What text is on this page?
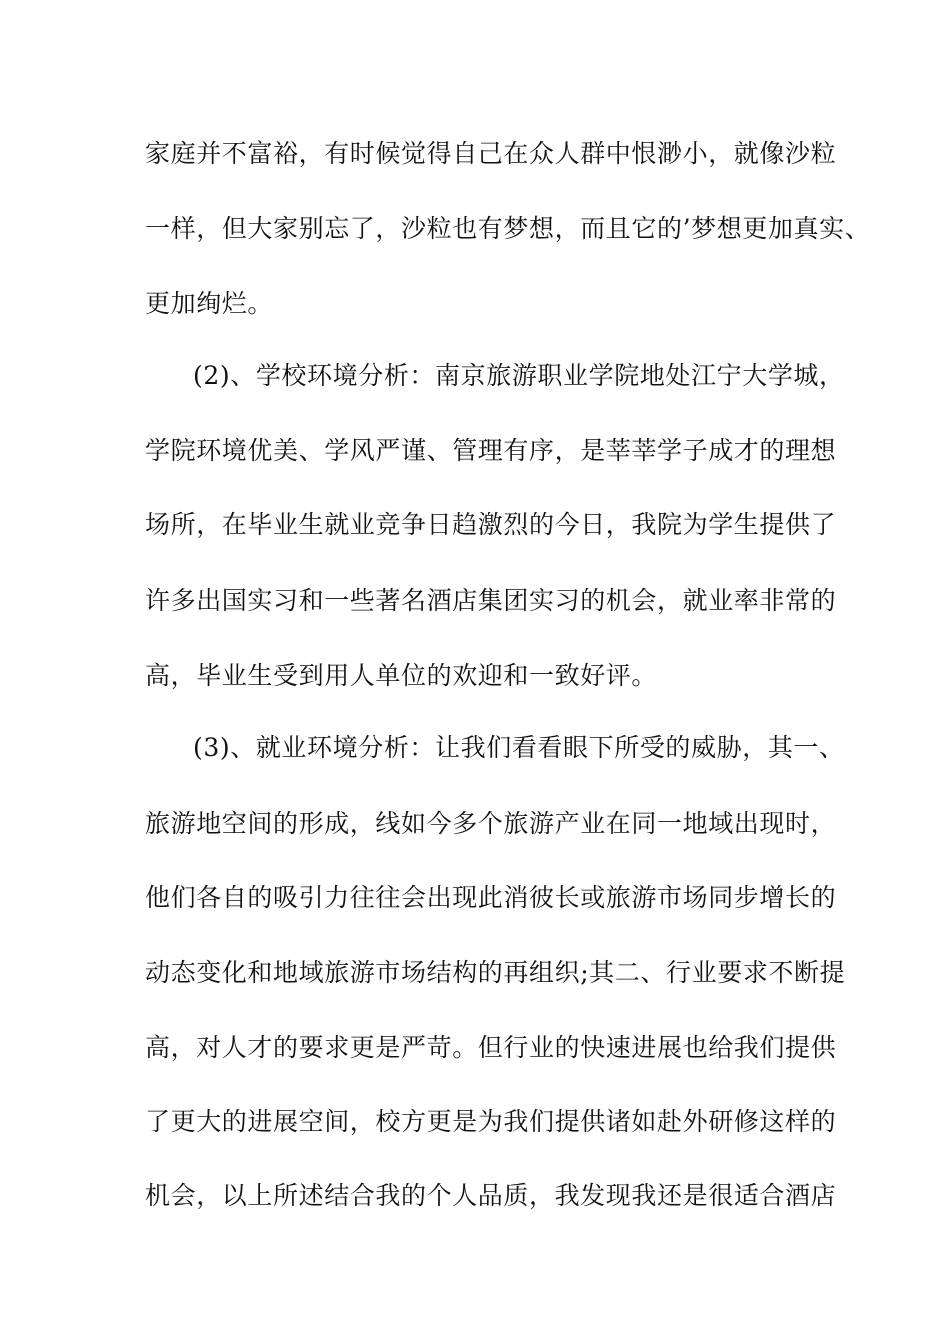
家庭并不富裕，有时候觉得自己在众人群中恨渺小，就像沙粒
一样，但大家别忘了，沙粒也有梦想，而且它的’梦想更加真实、
更加绚烂。
(2)、学校环境分析：南京旅游职业学院地处江宁大学城，
学院环境优美、学风严谨、管理有序，是莘莘学子成才的理想
场所，在毕业生就业竞争日趋激烈的今日，我院为学生提供了
许多出国实习和一些著名酒店集团实习的机会，就业率非常的
高，毕业生受到用人单位的欢迎和一致好评。
(3)、就业环境分析：让我们看看眼下所受的威胁，其一、
旅游地空间的形成，线如今多个旅游产业在同一地域出现时，
他们各自的吸引力往往会出现此消彼长或旅游市场同步增长的
动态变化和地域旅游市场结构的再组织;其二、行业要求不断提
高，对人才的要求更是严苛。但行业的快速进展也给我们提供
了更大的进展空间，校方更是为我们提供诸如赴外研修这样的
机会，以上所述结合我的个人品质，我发现我还是很适合酒店
